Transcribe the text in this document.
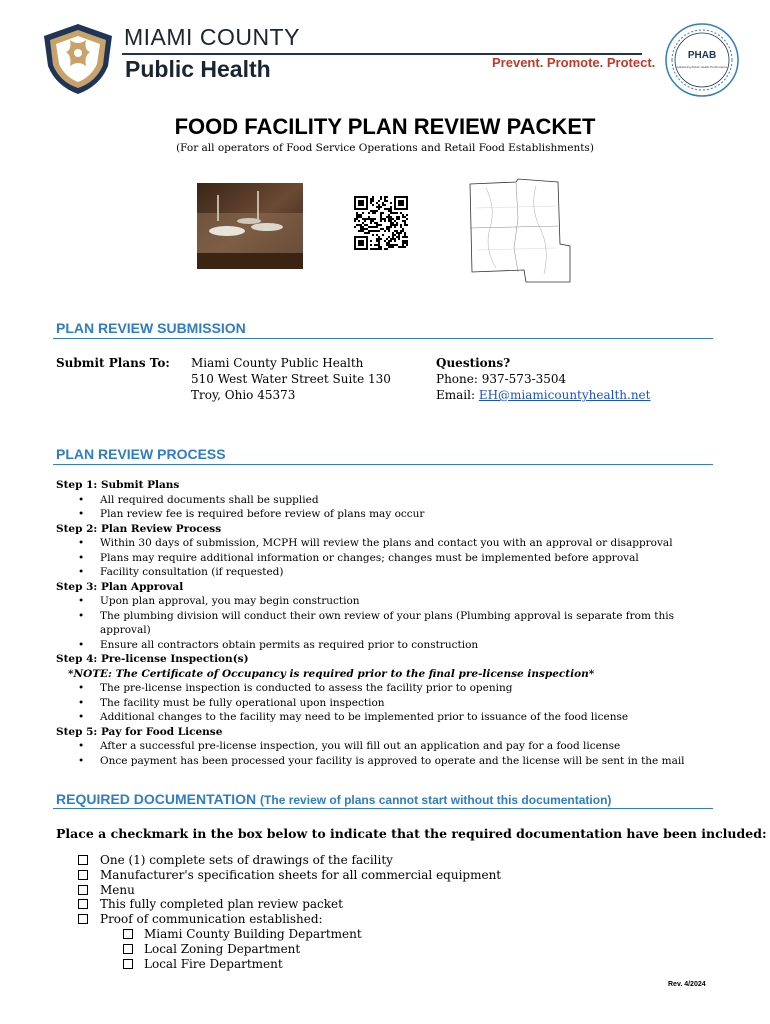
MIAMI COUNTY
Public Health	Prevent. Promote. Protect.	PHAB
Advancing Public Health Performance
FOOD FACILITY PLAN REVIEW PACKET
(For all operators of Food Service Operations and Retail Food Establishments)
PLAN REVIEW SUBMISSION
Submit Plans To: Miami County Public Health
510 West Water Street Suite 130
Troy, Ohio 45373
Questions?
Phone: 937-573-3504
Email: EH@miamicountyhealth.net
PLAN REVIEW PROCESS
Step 1: Submit Plans
• All required documents shall be supplied
• Plan review fee is required before review of plans may occur
Step 2: Plan Review Process
• Within 30 days of submission, MCPH will review the plans and contact you with an approval or disapproval
• Plans may require additional information or changes; changes must be implemented before approval
• Facility consultation (if requested)
Step 3: Plan Approval
• Upon plan approval, you may begin construction
• The plumbing division will conduct their own review of your plans (Plumbing approval is separate from this approval)
• Ensure all contractors obtain permits as required prior to construction
Step 4: Pre-license Inspection(s)
*NOTE: The Certificate of Occupancy is required prior to the final pre-license inspection*
• The pre-license inspection is conducted to assess the facility prior to opening
• The facility must be fully operational upon inspection
• Additional changes to the facility may need to be implemented prior to issuance of the food license
Step 5: Pay for Food License
• After a successful pre-license inspection, you will fill out an application and pay for a food license
• Once payment has been processed your facility is approved to operate and the license will be sent in the mail
REQUIRED DOCUMENTATION (The review of plans cannot start without this documentation)
Place a checkmark in the box below to indicate that the required documentation have been included:
One (1) complete sets of drawings of the facility
Manufacturer's specification sheets for all commercial equipment
Menu
This fully completed plan review packet
Proof of communication established:
Miami County Building Department
Local Zoning Department
Local Fire Department
Rev. 4/2024
